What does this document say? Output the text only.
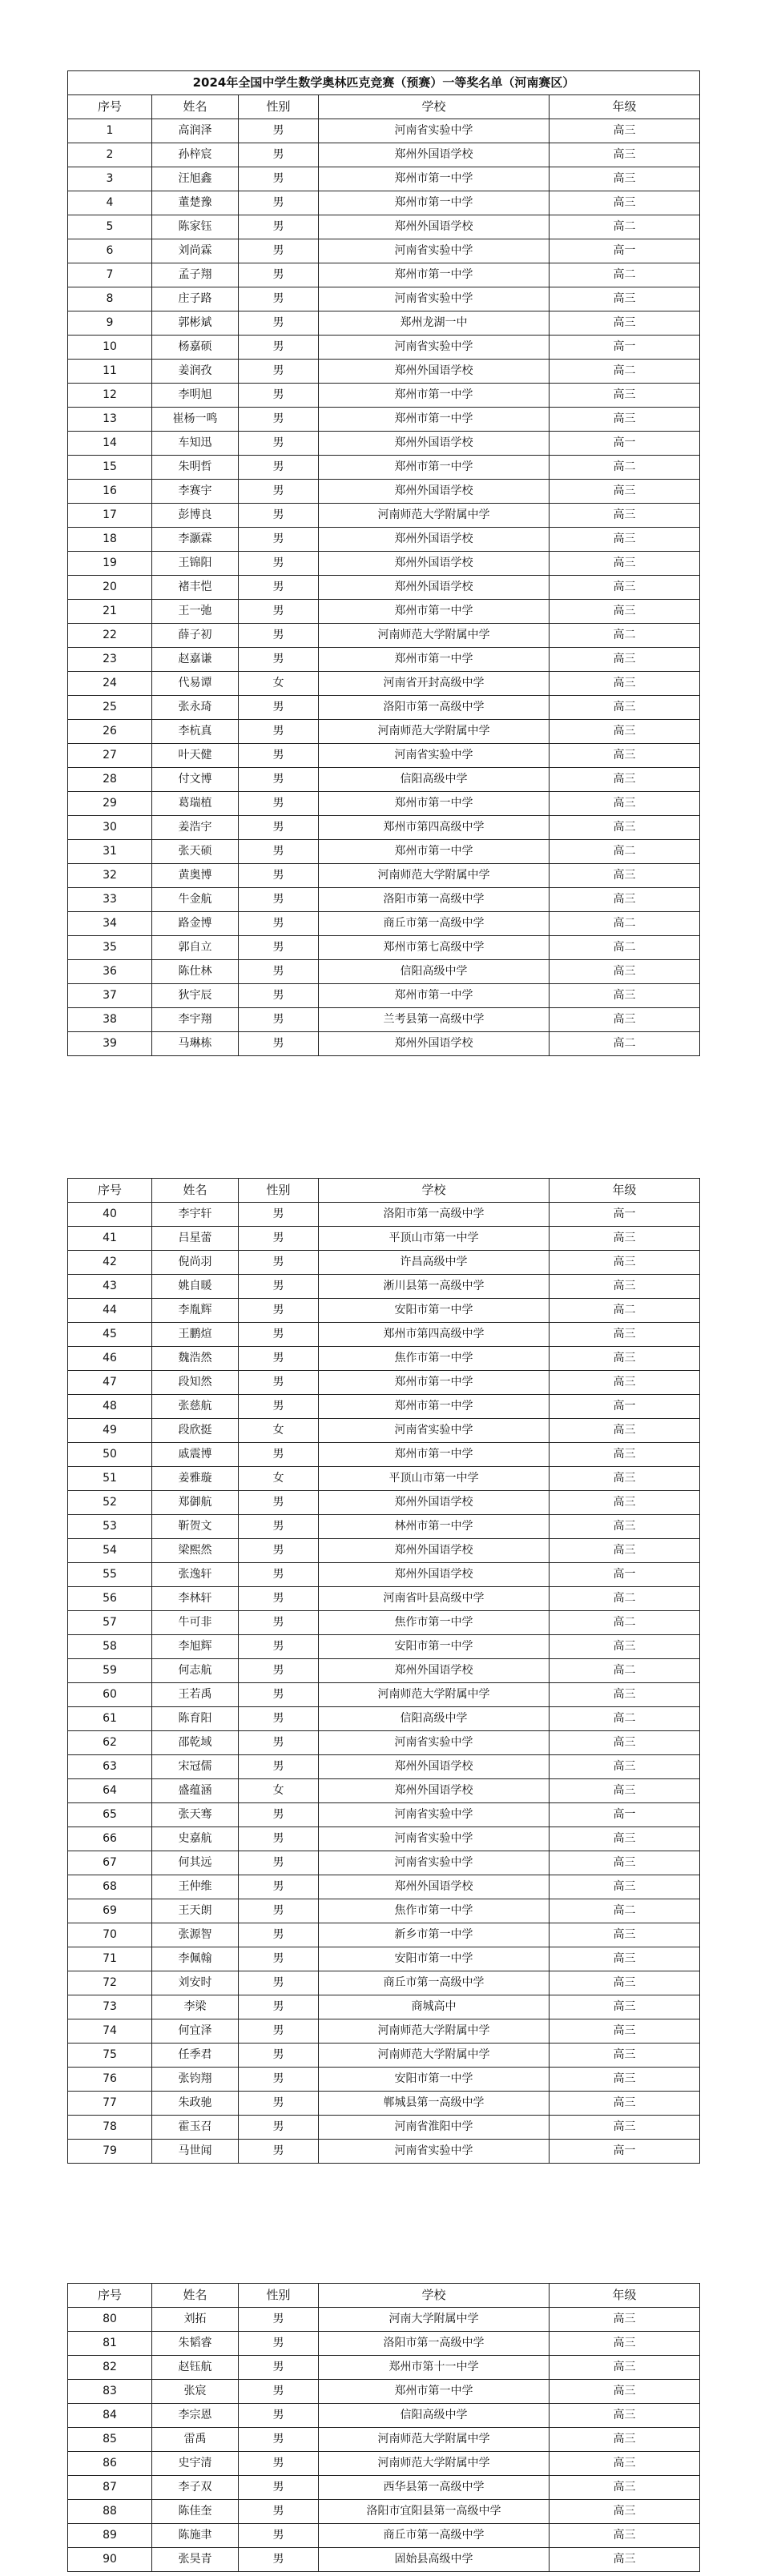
2024年全国中学生数学奥林匹克竞赛（预赛）一等奖名单（河南赛区）				
序号	姓名	性别	学校	年级
1	高润泽	男	河南省实验中学	高三
2	孙梓宸	男	郑州外国语学校	高三
3	汪旭鑫	男	郑州市第一中学	高三
4	董楚豫	男	郑州市第一中学	高三
5	陈家钰	男	郑州外国语学校	高二
6	刘尚霖	男	河南省实验中学	高一
7	孟子翔	男	郑州市第一中学	高二
8	庄子路	男	河南省实验中学	高三
9	郭彬斌	男	郑州龙湖一中	高三
10	杨嘉硕	男	河南省实验中学	高一
11	姜润孜	男	郑州外国语学校	高二
12	李明旭	男	郑州市第一中学	高三
13	崔杨一鸣	男	郑州市第一中学	高三
14	车知迅	男	郑州外国语学校	高一
15	朱明哲	男	郑州市第一中学	高二
16	李赛宇	男	郑州外国语学校	高三
17	彭博良	男	河南师范大学附属中学	高三
18	李灏霖	男	郑州外国语学校	高三
19	王锦阳	男	郑州外国语学校	高三
20	褚丰恺	男	郑州外国语学校	高三
21	王一弛	男	郑州市第一中学	高三
22	薛子初	男	河南师范大学附属中学	高二
23	赵嘉谦	男	郑州市第一中学	高三
24	代易谭	女	河南省开封高级中学	高三
25	张永琦	男	洛阳市第一高级中学	高三
26	李杭真	男	河南师范大学附属中学	高三
27	叶天健	男	河南省实验中学	高三
28	付文博	男	信阳高级中学	高三
29	葛瑞植	男	郑州市第一中学	高三
30	姜浩宇	男	郑州市第四高级中学	高三
31	张天硕	男	郑州市第一中学	高二
32	黄奥博	男	河南师范大学附属中学	高三
33	牛金航	男	洛阳市第一高级中学	高三
34	路金博	男	商丘市第一高级中学	高二
35	郭自立	男	郑州市第七高级中学	高二
36	陈仕林	男	信阳高级中学	高三
37	狄宇辰	男	郑州市第一中学	高三
38	李宇翔	男	兰考县第一高级中学	高三
39	马琳栋	男	郑州外国语学校	高二
序号	姓名	性别	学校	年级
40	李宇轩	男	洛阳市第一高级中学	高一
41	吕星蕾	男	平顶山市第一中学	高三
42	倪尚羽	男	许昌高级中学	高三
43	姚自暖	男	淅川县第一高级中学	高三
44	李胤辉	男	安阳市第一中学	高二
45	王鹏煊	男	郑州市第四高级中学	高三
46	魏浩然	男	焦作市第一中学	高三
47	段知然	男	郑州市第一中学	高三
48	张慈航	男	郑州市第一中学	高一
49	段欣挺	女	河南省实验中学	高三
50	戚震博	男	郑州市第一中学	高三
51	姜雅璇	女	平顶山市第一中学	高三
52	郑御航	男	郑州外国语学校	高三
53	靳贺文	男	林州市第一中学	高三
54	梁熙然	男	郑州外国语学校	高三
55	张逸轩	男	郑州外国语学校	高一
56	李林轩	男	河南省叶县高级中学	高二
57	牛可非	男	焦作市第一中学	高二
58	李旭辉	男	安阳市第一中学	高三
59	何志航	男	郑州外国语学校	高二
60	王若禹	男	河南师范大学附属中学	高三
61	陈育阳	男	信阳高级中学	高二
62	邵乾域	男	河南省实验中学	高三
63	宋冠儒	男	郑州外国语学校	高三
64	盛蕴涵	女	郑州外国语学校	高三
65	张天骞	男	河南省实验中学	高一
66	史嘉航	男	河南省实验中学	高三
67	何其远	男	河南省实验中学	高三
68	王仲维	男	郑州外国语学校	高三
69	王天朗	男	焦作市第一中学	高二
70	张源智	男	新乡市第一中学	高三
71	李佩翰	男	安阳市第一中学	高三
72	刘安时	男	商丘市第一高级中学	高三
73	李梁	男	商城高中	高三
74	何宜泽	男	河南师范大学附属中学	高三
75	任季君	男	河南师范大学附属中学	高三
76	张钧翔	男	安阳市第一中学	高三
77	朱政驰	男	郸城县第一高级中学	高三
78	霍玉召	男	河南省淮阳中学	高三
79	马世闻	男	河南省实验中学	高一
序号	姓名	性别	学校	年级
80	刘拓	男	河南大学附属中学	高三
81	朱韬睿	男	洛阳市第一高级中学	高三
82	赵钰航	男	郑州市第十一中学	高三
83	张宸	男	郑州市第一中学	高三
84	李宗恩	男	信阳高级中学	高三
85	雷禹	男	河南师范大学附属中学	高三
86	史宇清	男	河南师范大学附属中学	高三
87	李子双	男	西华县第一高级中学	高三
88	陈佳奎	男	洛阳市宜阳县第一高级中学	高三
89	陈施聿	男	商丘市第一高级中学	高三
90	张昊青	男	固始县高级中学	高三
